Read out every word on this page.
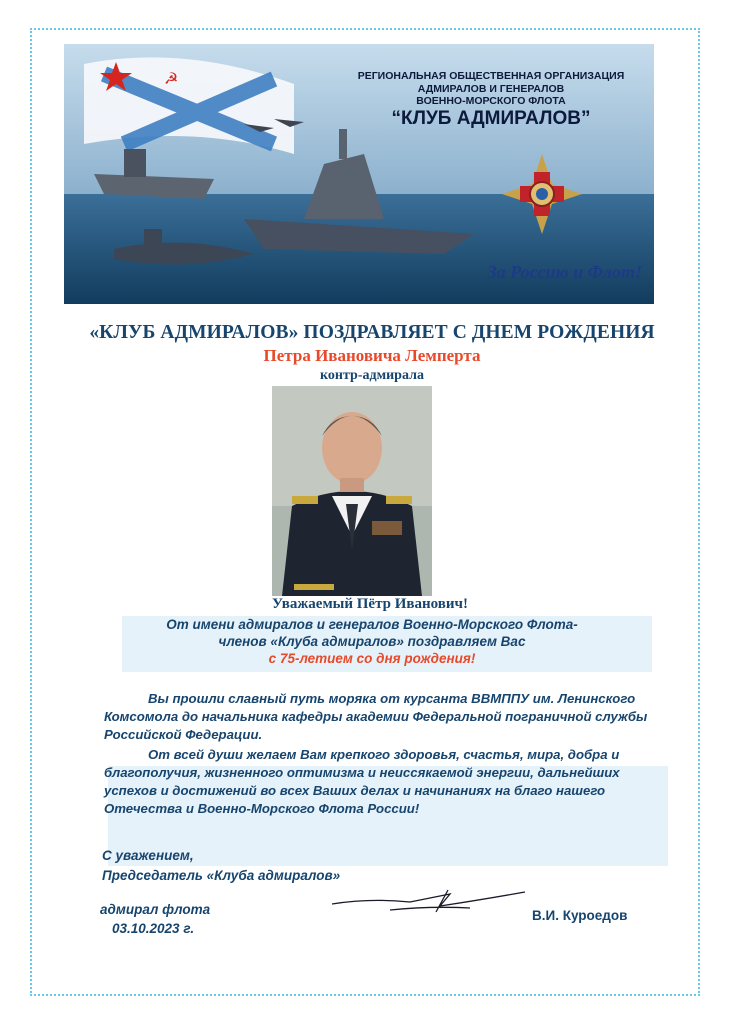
☭	РЕГИОНАЛЬНАЯ ОБЩЕСТВЕННАЯ ОРГАНИЗАЦИЯ
АДМИРАЛОВ И ГЕНЕРАЛОВ
ВОЕННО-МОРСКОГО ФЛОТА
“КЛУБ АДМИРАЛОВ”
За Россию и Флот!
«КЛУБ АДМИРАЛОВ» ПОЗДРАВЛЯЕТ С ДНЕМ РОЖДЕНИЯ
Петра Ивановича Лемперта
контр-адмирала
Уважаемый Пётр Иванович!
От имени адмиралов и генералов Военно-Морского Флота-
членов «Клуба адмиралов» поздравляем Вас
с 75-летием со дня рождения!

Вы прошли славный путь моряка от курсанта ВВМППУ им. Ленинского Комсомола до начальника кафедры академии Федеральной пограничной службы Российской Федерации.

От всей души желаем Вам крепкого здоровья, счастья, мира, добра и благополучия, жизненного оптимизма и неиссякаемой энергии, дальнейших успехов и достижений во всех Ваших делах и начинаниях на благо нашего Отечества и Военно-Морского Флота России!

С уважением,
Председатель «Клуба адмиралов»
адмирал флота
03.10.2023 г.
В.И. Куроедов
